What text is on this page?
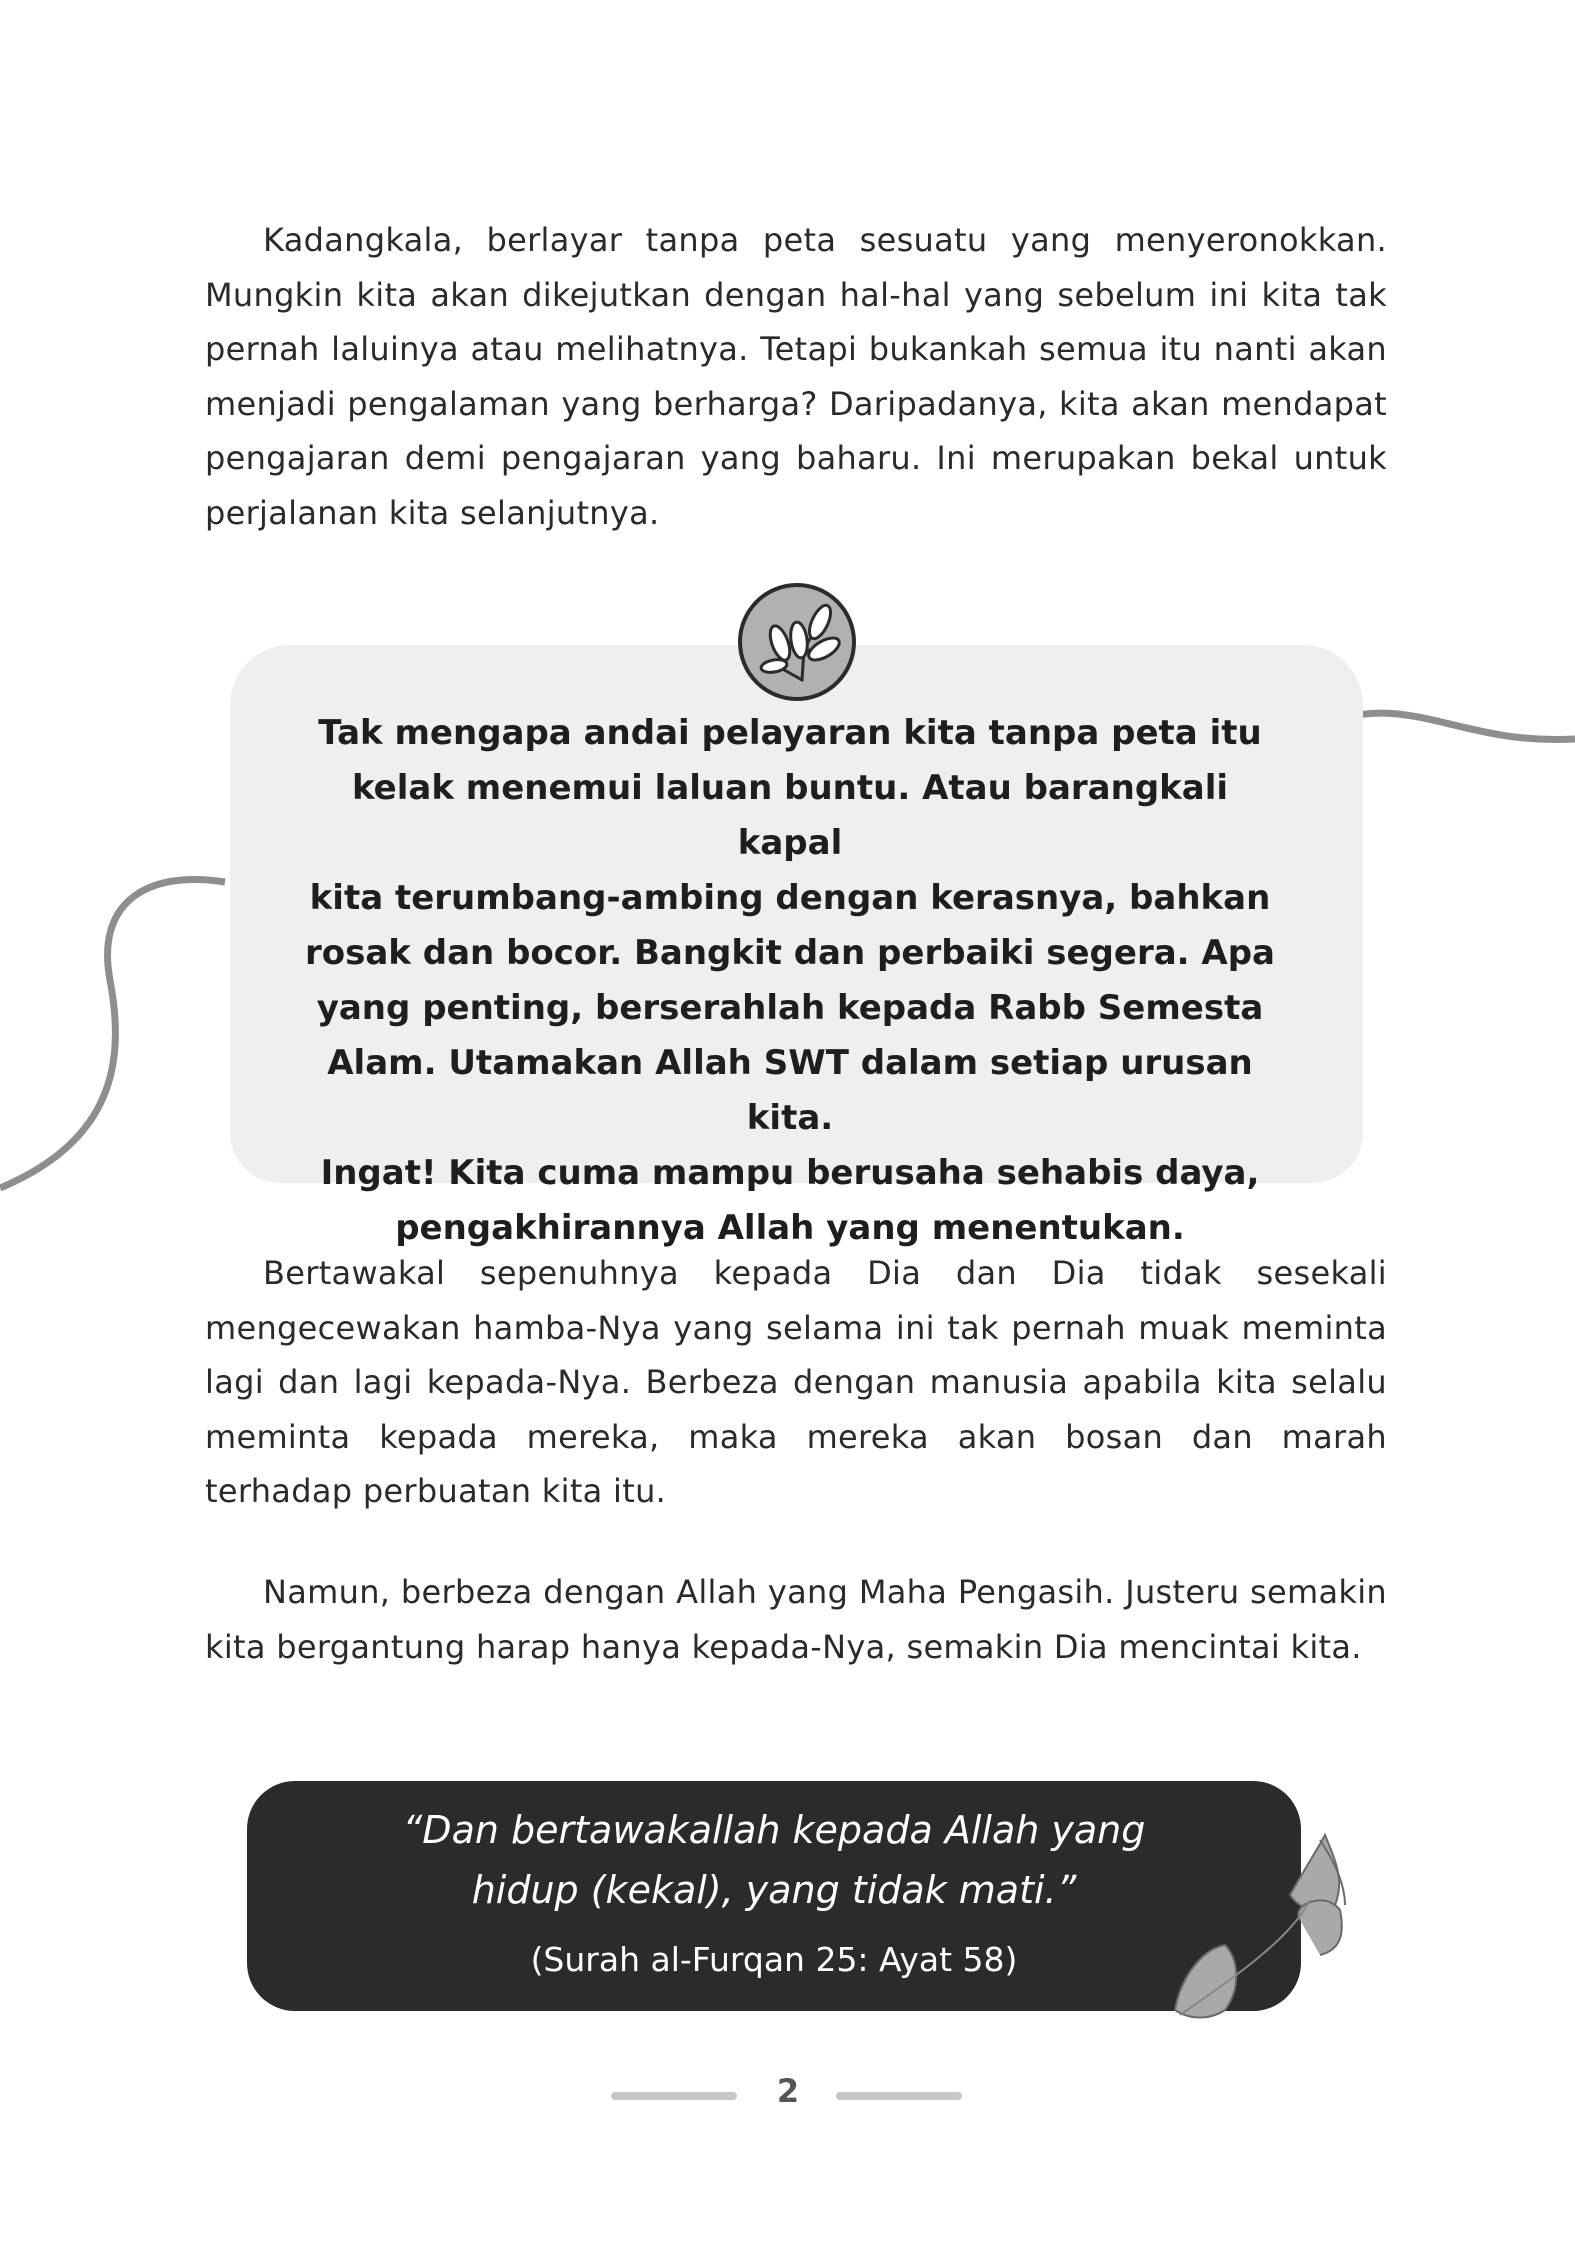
Kadangkala, berlayar tanpa peta sesuatu yang menyeronokkan. Mungkin kita akan dikejutkan dengan hal-hal yang sebelum ini kita tak pernah laluinya atau melihatnya. Tetapi bukankah semua itu nanti akan menjadi pengalaman yang berharga? Daripadanya, kita akan mendapat pengajaran demi pengajaran yang baharu. Ini merupakan bekal untuk perjalanan kita selanjutnya.

Tak mengapa andai pelayaran kita tanpa peta itu
kelak menemui laluan buntu. Atau barangkali kapal
kita terumbang-ambing dengan kerasnya, bahkan
rosak dan bocor. Bangkit dan perbaiki segera. Apa
yang penting, berserahlah kepada Rabb Semesta
Alam. Utamakan Allah SWT dalam setiap urusan kita.
Ingat! Kita cuma mampu berusaha sehabis daya,
pengakhirannya Allah yang menentukan.

Bertawakal sepenuhnya kepada Dia dan Dia tidak sesekali mengecewakan hamba-Nya yang selama ini tak pernah muak meminta lagi dan lagi kepada-Nya. Berbeza dengan manusia apabila kita selalu meminta kepada mereka, maka mereka akan bosan dan marah terhadap perbuatan kita itu.

Namun, berbeza dengan Allah yang Maha Pengasih. Justeru semakin kita bergantung harap hanya kepada-Nya, semakin Dia mencintai kita.

“Dan bertawakallah kepada Allah yang
hidup (kekal), yang tidak mati.”

(Surah al-Furqan 25: Ayat 58)

2
